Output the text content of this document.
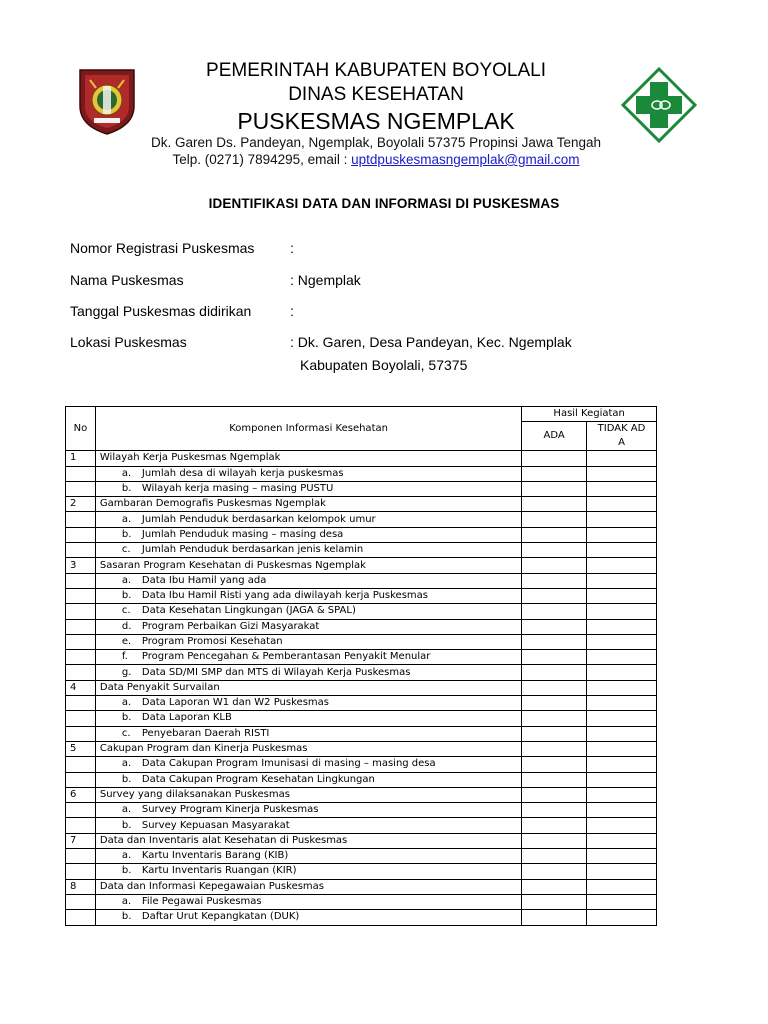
PEMERINTAH KABUPATEN BOYOLALI
DINAS KESEHATAN
PUSKESMAS NGEMPLAK
Dk. Garen Ds. Pandeyan, Ngemplak, Boyolali 57375 Propinsi Jawa Tengah
Telp. (0271) 7894295, email : uptdpuskesmasngemplak@gmail.com
IDENTIFIKASI DATA DAN INFORMASI DI PUSKESMAS
Nomor Registrasi Puskesmas	:
Nama Puskesmas	: Ngemplak
Tanggal Puskesmas didirikan	:
Lokasi Puskesmas	: Dk. Garen, Desa Pandeyan, Kec. Ngemplak
Kabupaten Boyolali, 57375
No	Komponen Informasi Kesehatan	Hasil Kegiatan	
		ADA	TIDAK AD
A

1	Wilayah Kerja Puskesmas Ngemplak		
	a. Jumlah desa di wilayah kerja puskesmas		
	b. Wilayah kerja masing – masing PUSTU		
2	Gambaran Demografis Puskesmas Ngemplak		
	a. Jumlah Penduduk berdasarkan kelompok umur		
	b. Jumlah Penduduk masing – masing desa		
	c. Jumlah Penduduk berdasarkan jenis kelamin		
3	Sasaran Program Kesehatan di Puskesmas Ngemplak		
	a. Data Ibu Hamil yang ada		
	b. Data Ibu Hamil Risti yang ada diwilayah kerja Puskesmas		
	c. Data Kesehatan Lingkungan (JAGA & SPAL)		
	d. Program Perbaikan Gizi Masyarakat		
	e. Program Promosi Kesehatan		
	f. Program Pencegahan & Pemberantasan Penyakit Menular		
	g. Data SD/MI SMP dan MTS di Wilayah Kerja Puskesmas		
4	Data Penyakit Survailan		
	a. Data Laporan W1 dan W2 Puskesmas		
	b. Data Laporan KLB		
	c. Penyebaran Daerah RISTI		
5	Cakupan Program dan Kinerja Puskesmas		
	a. Data Cakupan Program Imunisasi di masing – masing desa		
	b. Data Cakupan Program Kesehatan Lingkungan		
6	Survey yang dilaksanakan Puskesmas		
	a. Survey Program Kinerja Puskesmas		
	b. Survey Kepuasan Masyarakat		
7	Data dan Inventaris alat Kesehatan di Puskesmas		
	a. Kartu Inventaris Barang (KIB)		
	b. Kartu Inventaris Ruangan (KIR)		
8	Data dan Informasi Kepegawaian Puskesmas		
	a. File Pegawai Puskesmas		
	b. Daftar Urut Kepangkatan (DUK)		
